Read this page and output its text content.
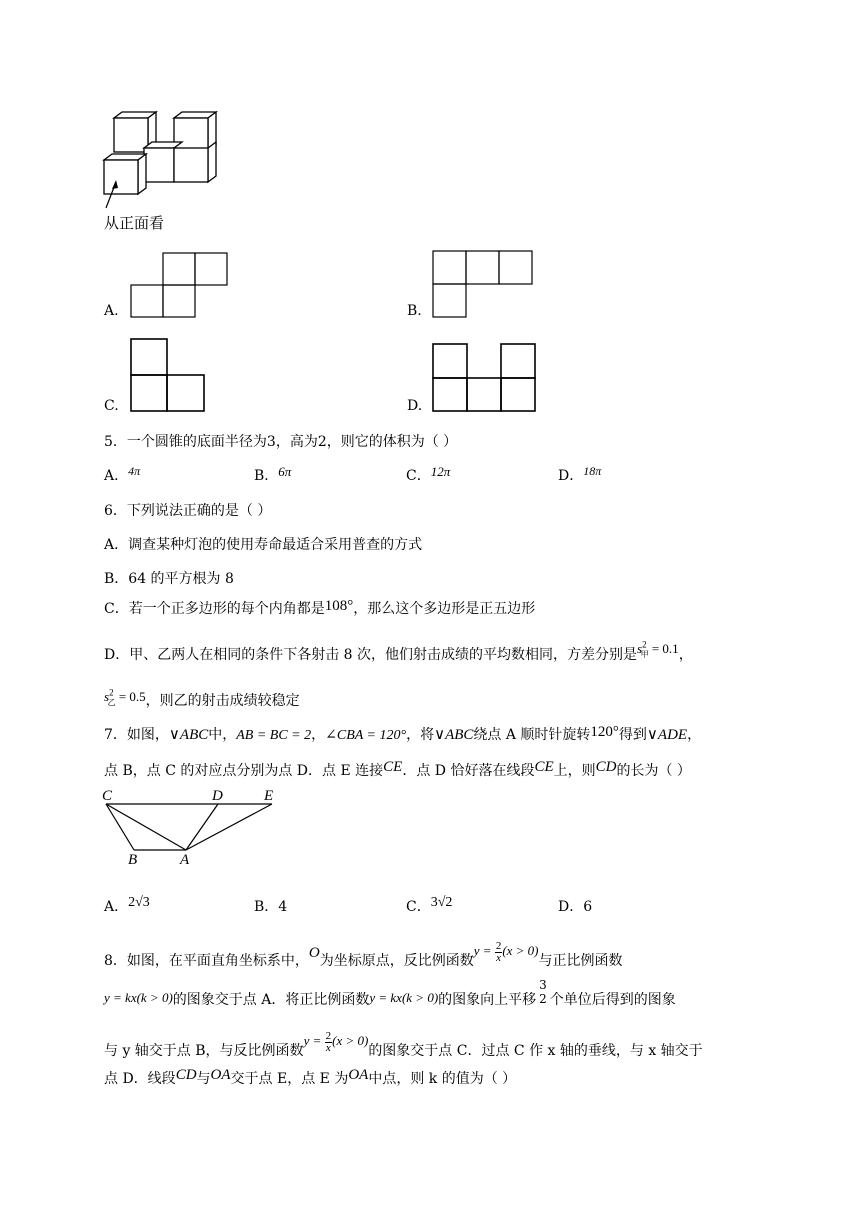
从正面看
A.	B.
C.	D.
5．一个圆锥的底面半径为3，高为2，则它的体积为（ ）
A．4π	B．6π	C．12π	D．18π
6．下列说法正确的是（ ）
A．调查某种灯泡的使用寿命最适合采用普查的方式
B．64 的平方根为 8
C．若一个正多边形的每个内角都是108°，那么这个多边形是正五边形
D．甲、乙两人在相同的条件下各射击 8 次，他们射击成绩的平均数相同，方差分别是$s^2_甲 = 0.1$，
$s^2_乙 = 0.5$，则乙的射击成绩较稳定
7．如图，∨ABC中，AB = BC = 2，∠CBA = 120°，将∨ABC绕点 A 顺时针旋转120°得到∨ADE，
点 B，点 C 的对应点分别为点 D．点 E 连接CE．点 D 恰好落在线段CE上，则CD的长为（ ）
C	D	E
B	A
A．2√3	B．4	C．3√2	D．6
8．如图，在平面直角坐标系中，O为坐标原点，反比例函数$y = \frac{2}{x} (x > 0)$与正比例函数
y = kx(k > 0)的图象交于点 A．将正比例函数y = kx(k > 0)的图象向上平移
3
2 个单位后得到的图象
与 y 轴交于点 B，与反比例函数$y = \frac{2}{x} (x > 0)$的图象交于点 C．过点 C 作 x 轴的垂线，与 x 轴交于
点 D．线段CD与OA交于点 E，点 E 为OA中点，则 k 的值为（ ）
